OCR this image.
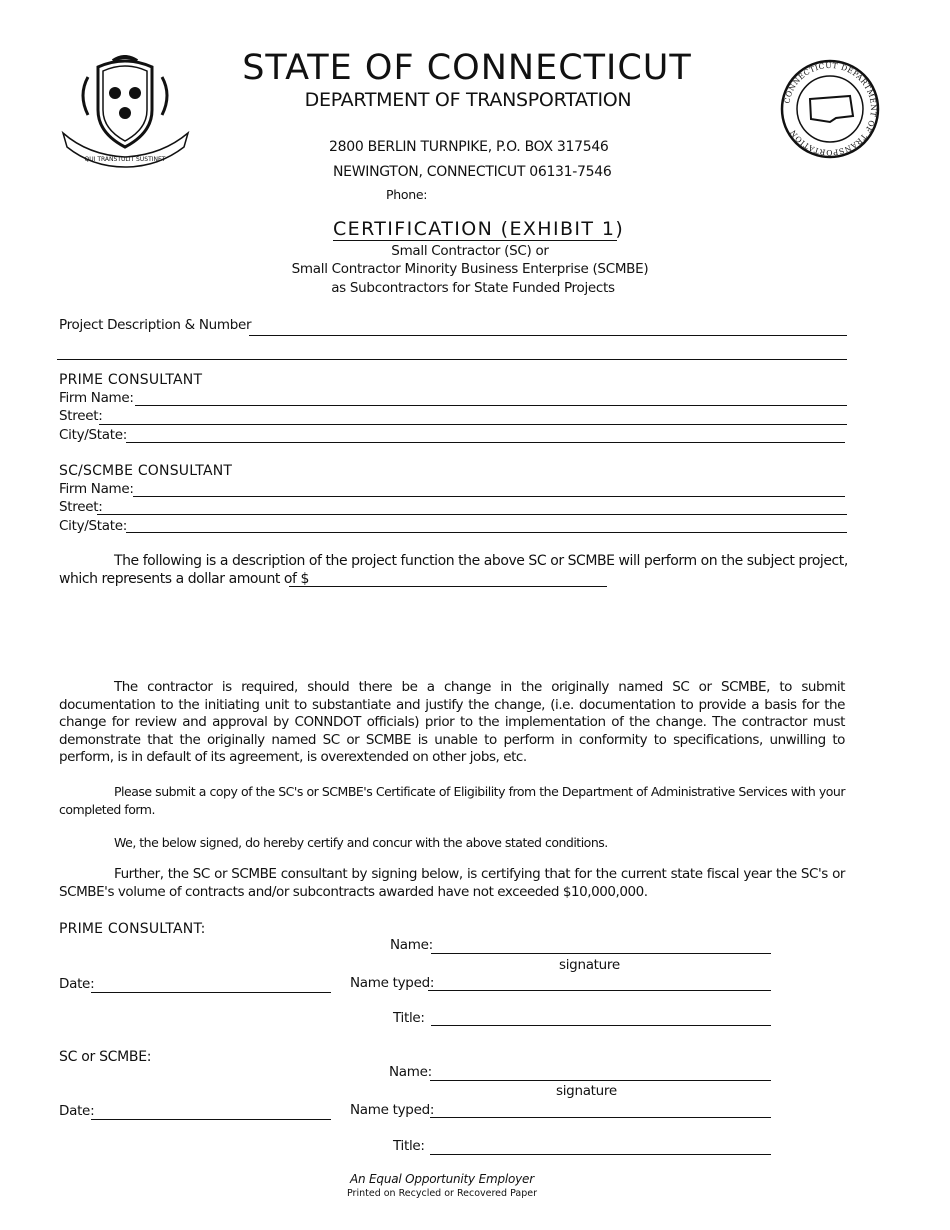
QUI TRANSTULIT SUSTINET
CONNECTICUT DEPARTMENT OF TRANSPORTATION
STATE OF CONNECTICUT
DEPARTMENT OF TRANSPORTATION
2800 BERLIN TURNPIKE, P.O. BOX 317546
NEWINGTON, CONNECTICUT 06131-7546
Phone:
CERTIFICATION (EXHIBIT 1)
Small Contractor (SC) or
Small Contractor Minority Business Enterprise (SCMBE)
as Subcontractors for State Funded Projects
Project Description & Number
PRIME CONSULTANT
Firm Name:
Street:
City/State:
SC/SCMBE CONSULTANT
Firm Name:
Street:
City/State:
The following is a description of the project function the above SC or SCMBE will perform on the subject project,
which represents a dollar amount of $
The contractor is required, should there be a change in the originally named SC or SCMBE, to submit documentation to the initiating unit to substantiate and justify the change, (i.e. documentation to provide a basis for the change for review and approval by CONNDOT officials) prior to the implementation of the change. The contractor must demonstrate that the originally named SC or SCMBE is unable to perform in conformity to specifications, unwilling to perform, is in default of its agreement, is overextended on other jobs, etc.
Please submit a copy of the SC's or SCMBE's Certificate of Eligibility from the Department of Administrative Services with your completed form.
We, the below signed, do hereby certify and concur with the above stated conditions.
Further, the SC or SCMBE consultant by signing below, is certifying that for the current state fiscal year the SC's or SCMBE's volume of contracts and/or subcontracts awarded have not exceeded $10,000,000.
PRIME CONSULTANT:
Name:
signature
Date:	Name typed:
Title:
SC or SCMBE:
Name:
signature
Date:	Name typed:
Title:
An Equal Opportunity Employer
Printed on Recycled or Recovered Paper
